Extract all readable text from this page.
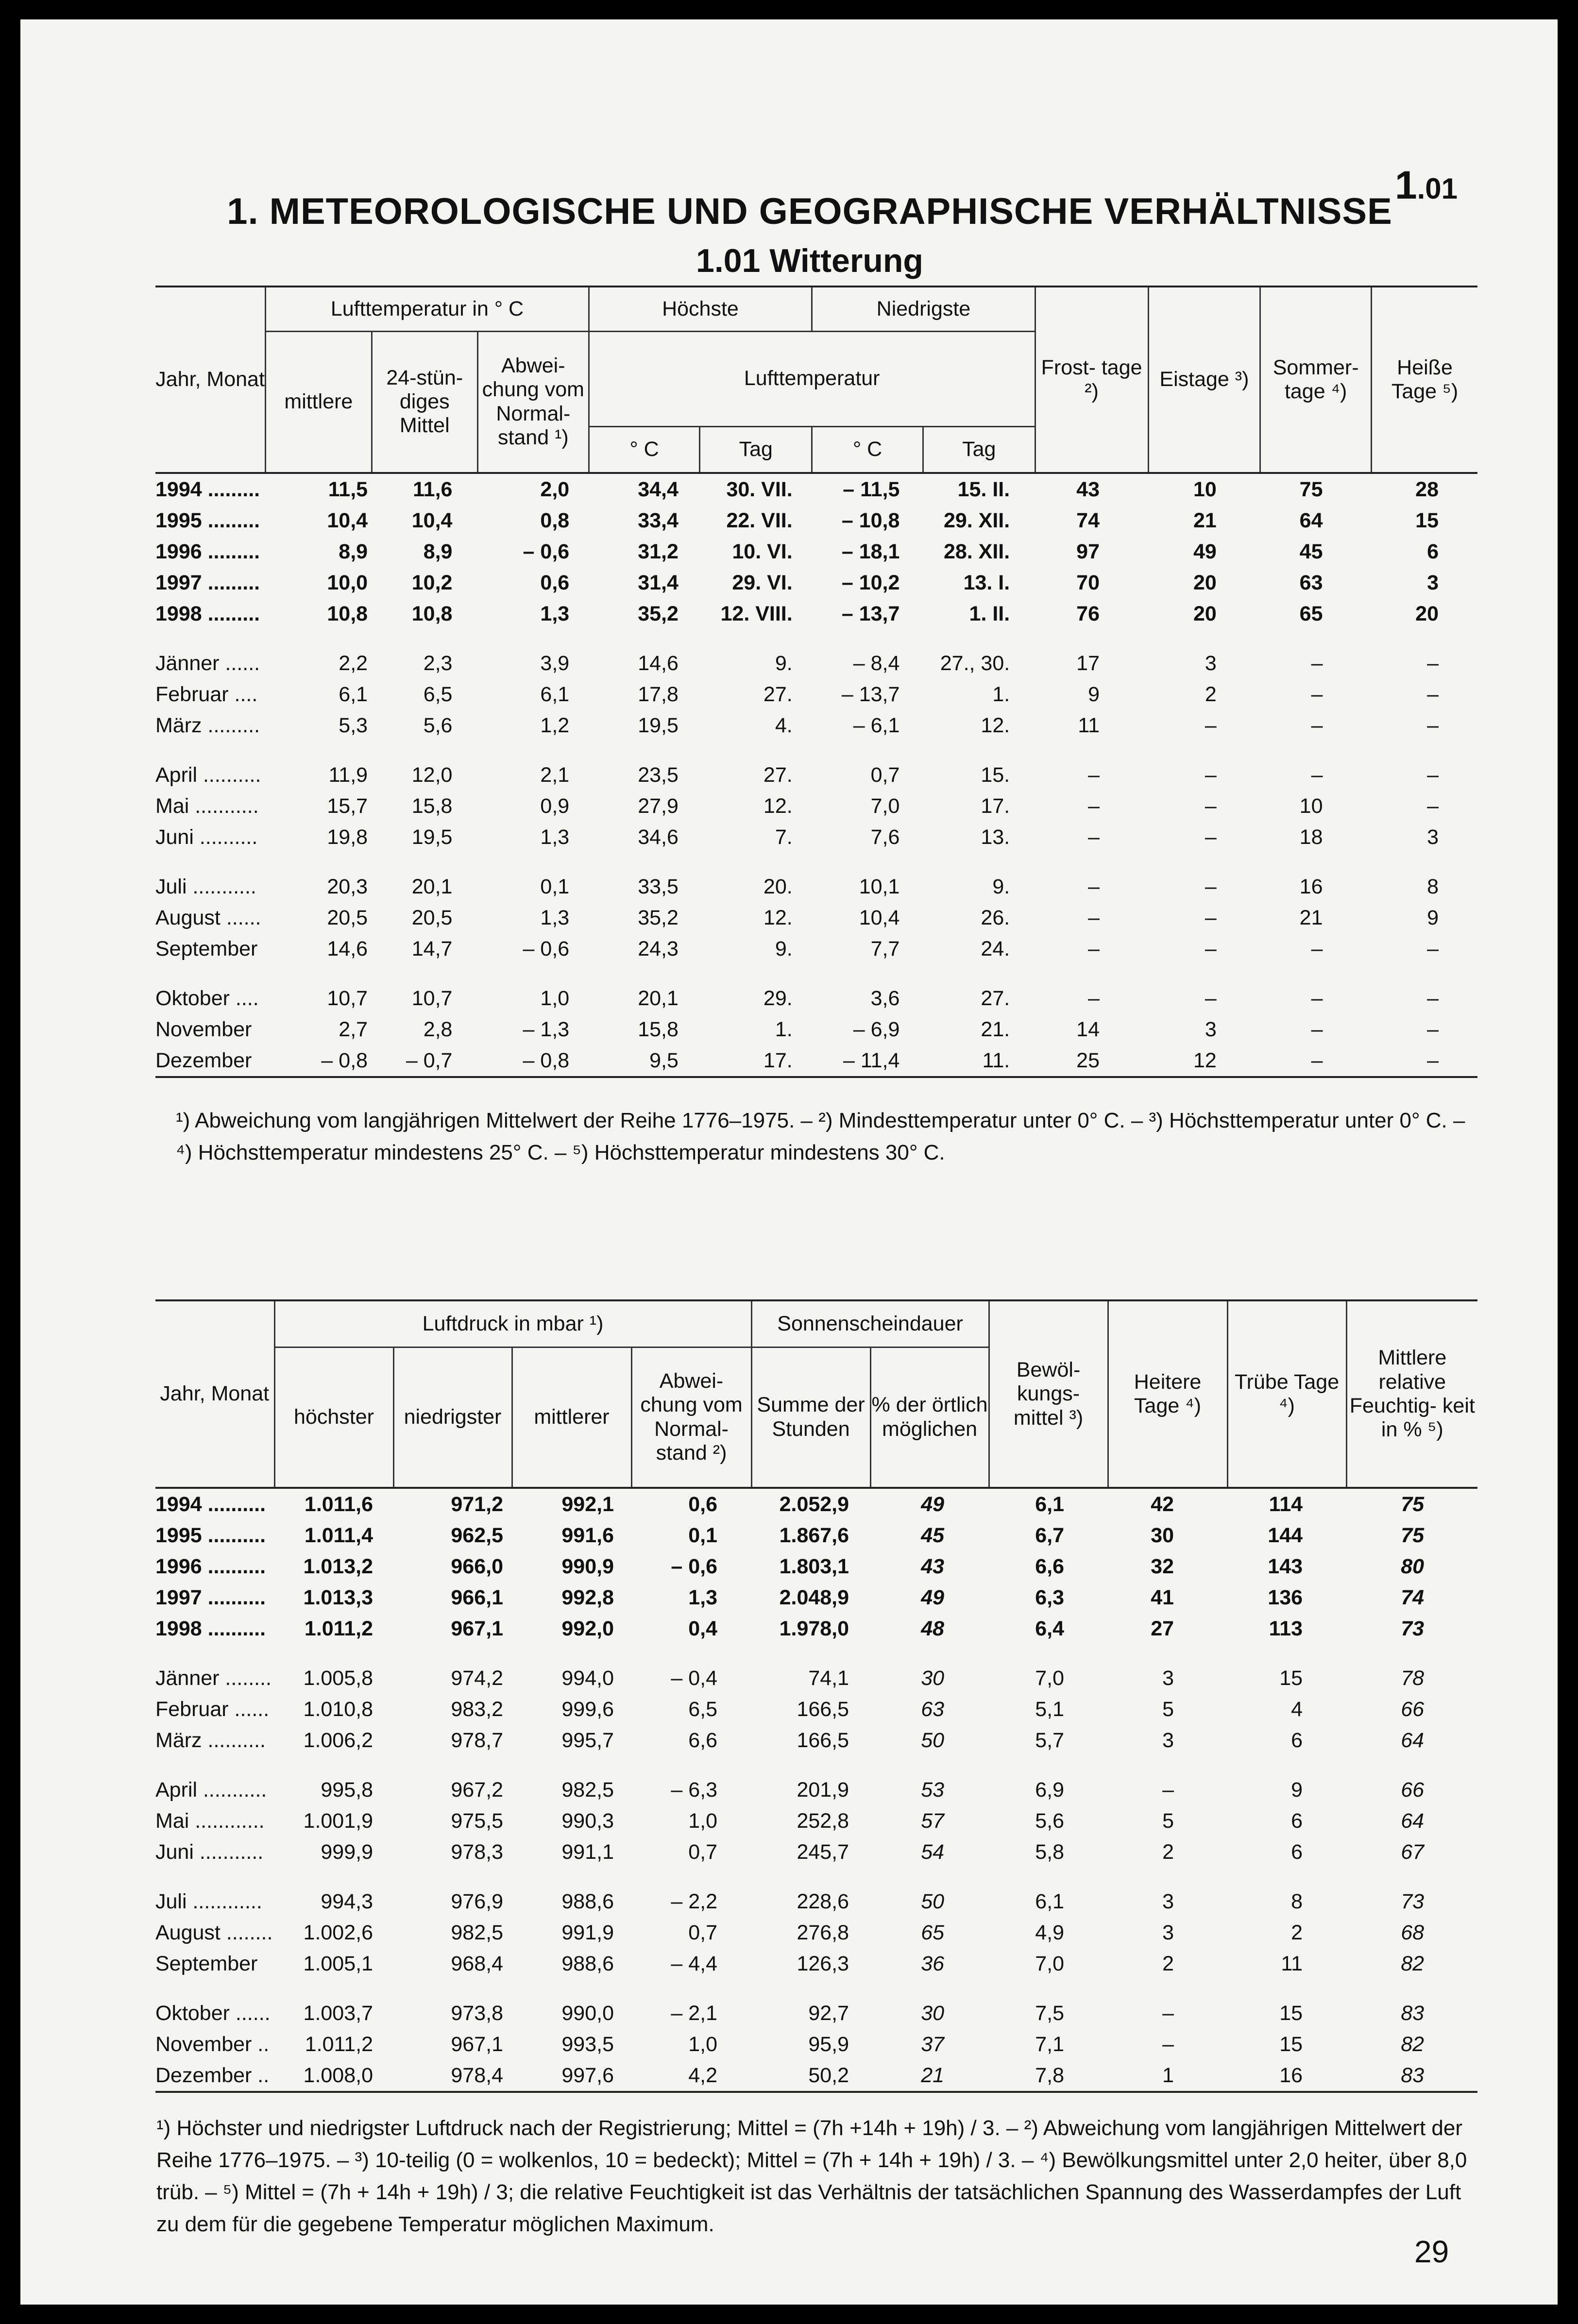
1.01
1. METEOROLOGISCHE UND GEOGRAPHISCHE VERHÄLTNISSE
1.01 Witterung
Jahr, Monat	Lufttemperatur in ° C			Höchste		Niedrigste		Frost- tage ²)	Eistage ³)	Sommer- tage ⁴)	Heiße Tage ⁵)
	mittlere	24-stün- diges Mittel	Abwei- chung vom Normal- stand ¹)	Lufttemperatur							
				° C	Tag	° C	Tag				
1994 .........	11,5	11,6	2,0	34,4	30. VII.	– 11,5	15. II.	43	10	75	28
1995 .........	10,4	10,4	0,8	33,4	22. VII.	– 10,8	29. XII.	74	21	64	15
1996 .........	8,9	8,9	– 0,6	31,2	10. VI.	– 18,1	28. XII.	97	49	45	6
1997 .........	10,0	10,2	0,6	31,4	29. VI.	– 10,2	13. I.	70	20	63	3
1998 .........	10,8	10,8	1,3	35,2	12. VIII.	– 13,7	1. II.	76	20	65	20
Jänner ......	2,2	2,3	3,9	14,6	9.	– 8,4	27., 30.	17	3	–	–
Februar ....	6,1	6,5	6,1	17,8	27.	– 13,7	1.	9	2	–	–
März .........	5,3	5,6	1,2	19,5	4.	– 6,1	12.	11	–	–	–
April ..........	11,9	12,0	2,1	23,5	27.	0,7	15.	–	–	–	–
Mai ...........	15,7	15,8	0,9	27,9	12.	7,0	17.	–	–	10	–
Juni ..........	19,8	19,5	1,3	34,6	7.	7,6	13.	–	–	18	3
Juli ...........	20,3	20,1	0,1	33,5	20.	10,1	9.	–	–	16	8
August ......	20,5	20,5	1,3	35,2	12.	10,4	26.	–	–	21	9
September	14,6	14,7	– 0,6	24,3	9.	7,7	24.	–	–	–	–
Oktober ....	10,7	10,7	1,0	20,1	29.	3,6	27.	–	–	–	–
November	2,7	2,8	– 1,3	15,8	1.	– 6,9	21.	14	3	–	–
Dezember	– 0,8	– 0,7	– 0,8	9,5	17.	– 11,4	11.	25	12	–	–
¹) Abweichung vom langjährigen Mittelwert der Reihe 1776–1975. – ²) Mindesttemperatur unter 0° C. – ³) Höchsttemperatur unter 0° C. – ⁴) Höchsttemperatur mindestens 25° C. – ⁵) Höchsttemperatur mindestens 30° C.
Jahr, Monat	Luftdruck in mbar ¹)				Sonnenscheindauer		Bewöl- kungs- mittel ³)	Heitere Tage ⁴)	Trübe Tage ⁴)	Mittlere relative Feuchtig- keit in % ⁵)
	höchster	niedrigster	mittlerer	Abwei- chung vom Normal- stand ²)	Summe der Stunden	% der örtlich möglichen				
1994 ..........	1.011,6	971,2	992,1	0,6	2.052,9	49	6,1	42	114	75
1995 ..........	1.011,4	962,5	991,6	0,1	1.867,6	45	6,7	30	144	75
1996 ..........	1.013,2	966,0	990,9	– 0,6	1.803,1	43	6,6	32	143	80
1997 ..........	1.013,3	966,1	992,8	1,3	2.048,9	49	6,3	41	136	74
1998 ..........	1.011,2	967,1	992,0	0,4	1.978,0	48	6,4	27	113	73
Jänner ........	1.005,8	974,2	994,0	– 0,4	74,1	30	7,0	3	15	78
Februar ......	1.010,8	983,2	999,6	6,5	166,5	63	5,1	5	4	66
März ..........	1.006,2	978,7	995,7	6,6	166,5	50	5,7	3	6	64
April ...........	995,8	967,2	982,5	– 6,3	201,9	53	6,9	–	9	66
Mai ............	1.001,9	975,5	990,3	1,0	252,8	57	5,6	5	6	64
Juni ...........	999,9	978,3	991,1	0,7	245,7	54	5,8	2	6	67
Juli ............	994,3	976,9	988,6	– 2,2	228,6	50	6,1	3	8	73
August ........	1.002,6	982,5	991,9	0,7	276,8	65	4,9	3	2	68
September	1.005,1	968,4	988,6	– 4,4	126,3	36	7,0	2	11	82
Oktober ......	1.003,7	973,8	990,0	– 2,1	92,7	30	7,5	–	15	83
November ..	1.011,2	967,1	993,5	1,0	95,9	37	7,1	–	15	82
Dezember ..	1.008,0	978,4	997,6	4,2	50,2	21	7,8	1	16	83
¹) Höchster und niedrigster Luftdruck nach der Registrierung; Mittel = (7h +14h + 19h) / 3. – ²) Abweichung vom langjährigen Mittelwert der Reihe 1776–1975. – ³) 10-teilig (0 = wolkenlos, 10 = bedeckt); Mittel = (7h + 14h + 19h) / 3. – ⁴) Bewölkungsmittel unter 2,0 heiter, über 8,0 trüb. – ⁵) Mittel = (7h + 14h + 19h) / 3; die relative Feuchtigkeit ist das Verhältnis der tatsächlichen Spannung des Wasserdampfes der Luft zu dem für die gegebene Temperatur möglichen Maximum.
29
